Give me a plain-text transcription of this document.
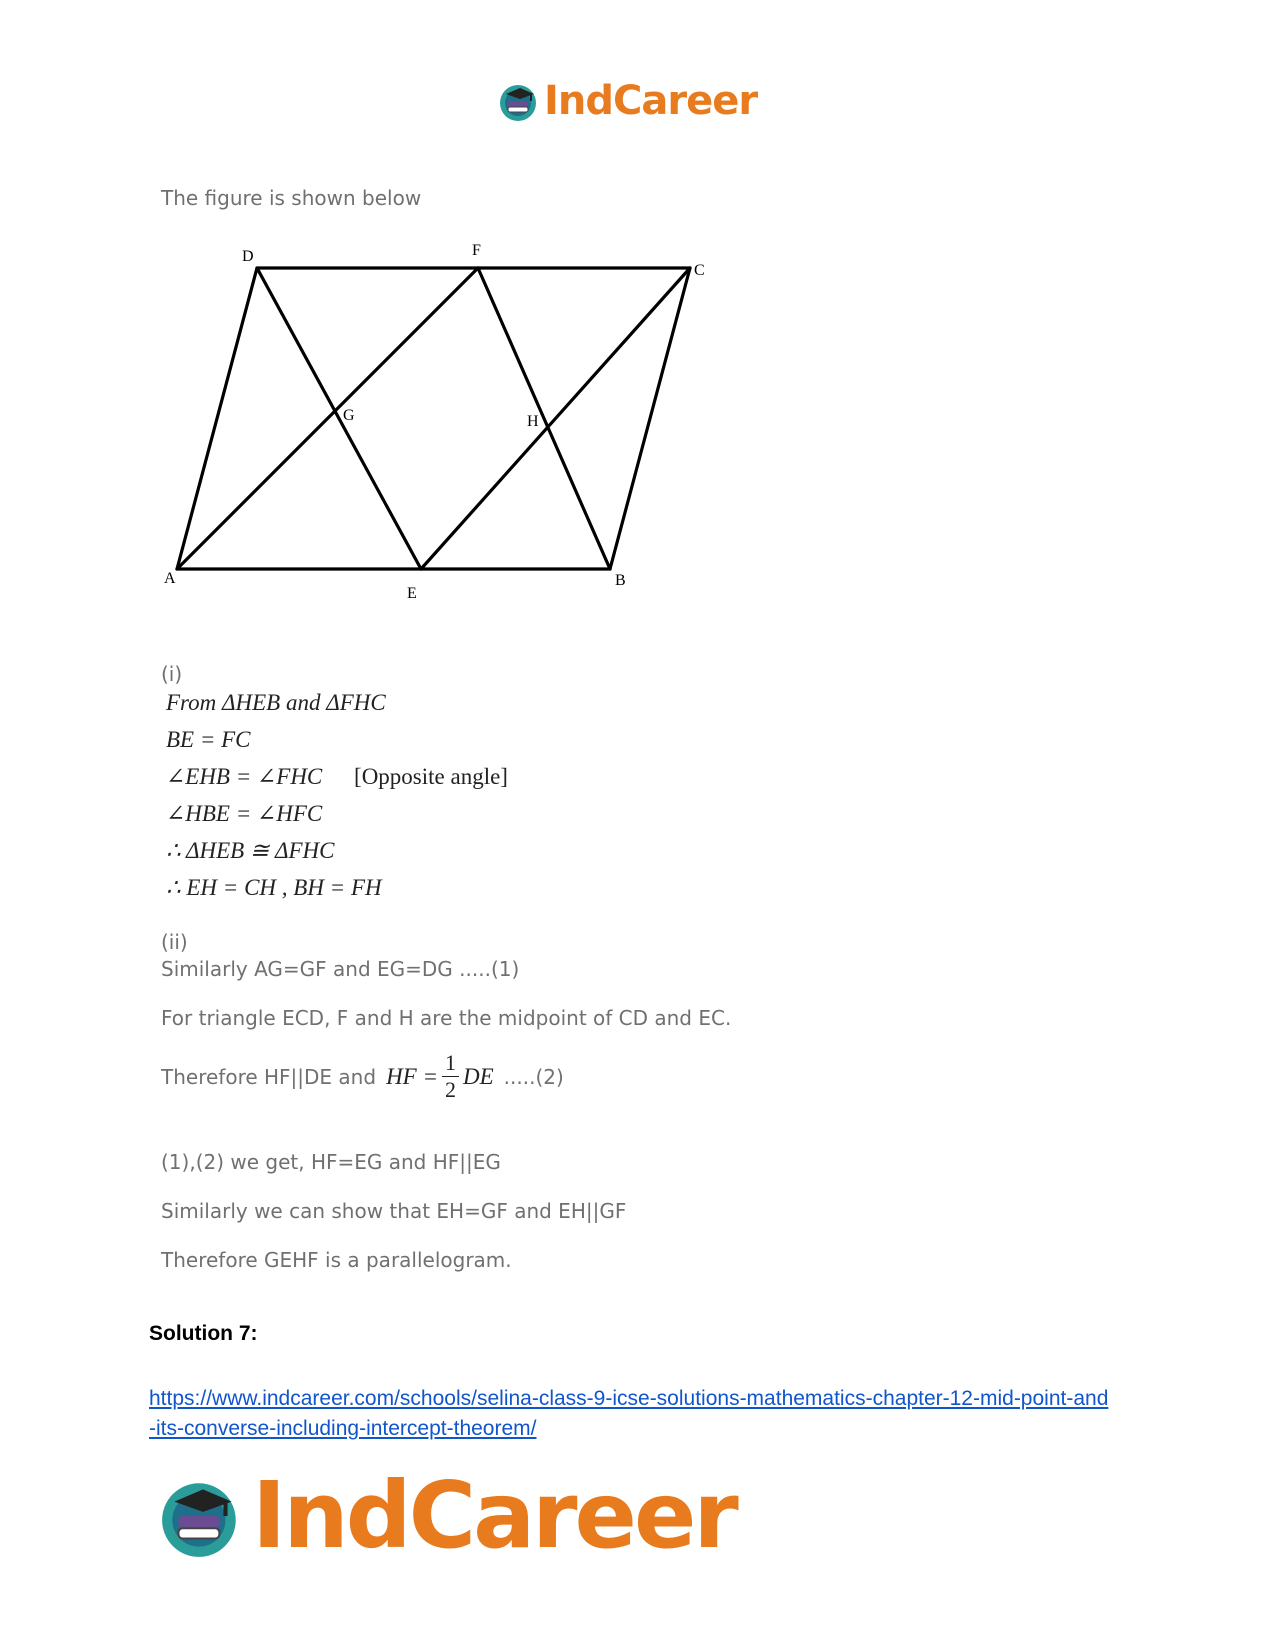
IndCareer
The figure is shown below
D	F
C
G	H
A
E
B
(i)
From ΔHEB and ΔFHC
BE = FC
∠EHB = ∠FHC [Opposite angle]
∠HBE = ∠HFC
∴ ΔHEB ≅ ΔFHC
∴ EH = CH , BH = FH
(ii)
Similarly AG=GF and EG=DG .....(1)
For triangle ECD, F and H are the midpoint of CD and EC.
Therefore HF||DE and HF = $\frac{1}{2}$ DE .....(2)
(1),(2) we get, HF=EG and HF||EG
Similarly we can show that EH=GF and EH||GF
Therefore GEHF is a parallelogram.
Solution 7:
https://www.indcareer.com/schools/selina-class-9-icse-solutions-mathematics-chapter-12-mid-point-and-its-converse-including-intercept-theorem/
IndCareer
